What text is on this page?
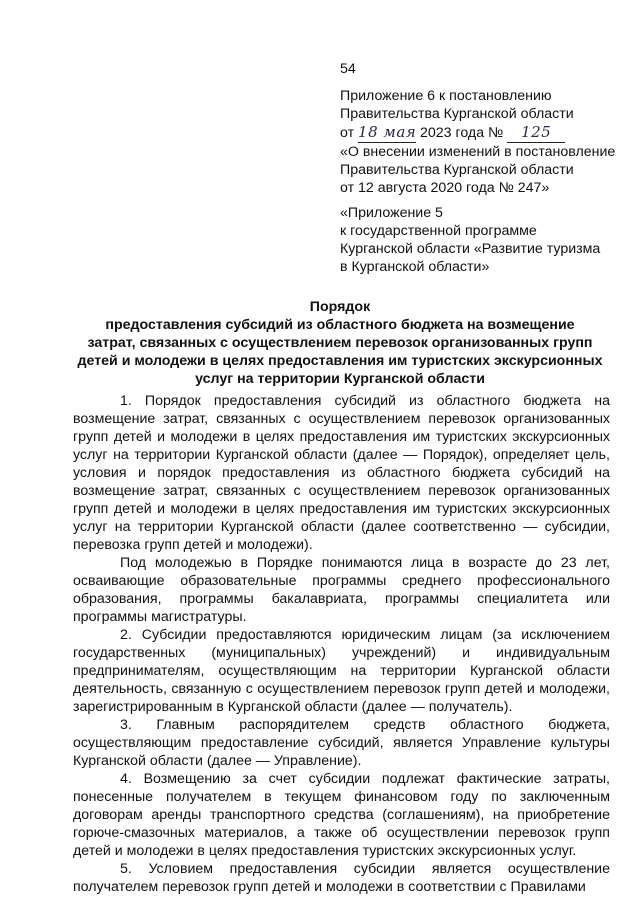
54
Приложение 6 к постановлению
Правительства Курганской области
от 18 мая 2023 года № 125
«О внесении изменений в постановление
Правительства Курганской области
от 12 августа 2020 года № 247»
«Приложение 5
к государственной программе
Курганской области «Развитие туризма
в Курганской области»
Порядок
предоставления субсидий из областного бюджета на возмещение
затрат, связанных с осуществлением перевозок организованных групп
детей и молодежи в целях предоставления им туристских экскурсионных
услуг на территории Курганской области

1. Порядок предоставления субсидий из областного бюджета на возмещение затрат, связанных с осуществлением перевозок организованных групп детей и молодежи в целях предоставления им туристских экскурсионных услуг на территории Курганской области (далее — Порядок), определяет цель, условия и порядок предоставления из областного бюджета субсидий на возмещение затрат, связанных с осуществлением перевозок организованных групп детей и молодежи в целях предоставления им туристских экскурсионных услуг на территории Курганской области (далее соответственно — субсидии, перевозка групп детей и молодежи).

Под молодежью в Порядке понимаются лица в возрасте до 23 лет, осваивающие образовательные программы среднего профессионального образования, программы бакалавриата, программы специалитета или программы магистратуры.

2. Субсидии предоставляются юридическим лицам (за исключением государственных (муниципальных) учреждений) и индивидуальным предпринимателям, осуществляющим на территории Курганской области деятельность, связанную с осуществлением перевозок групп детей и молодежи, зарегистрированным в Курганской области (далее — получатель).

3. Главным распорядителем средств областного бюджета, осуществляющим предоставление субсидий, является Управление культуры Курганской области (далее — Управление).

4. Возмещению за счет субсидии подлежат фактические затраты, понесенные получателем в текущем финансовом году по заключенным договорам аренды транспортного средства (соглашениям), на приобретение горюче-смазочных материалов, а также об осуществлении перевозок групп детей и молодежи в целях предоставления туристских экскурсионных услуг.

5. Условием предоставления субсидии является осуществление получателем перевозок групп детей и молодежи в соответствии с Правилами
